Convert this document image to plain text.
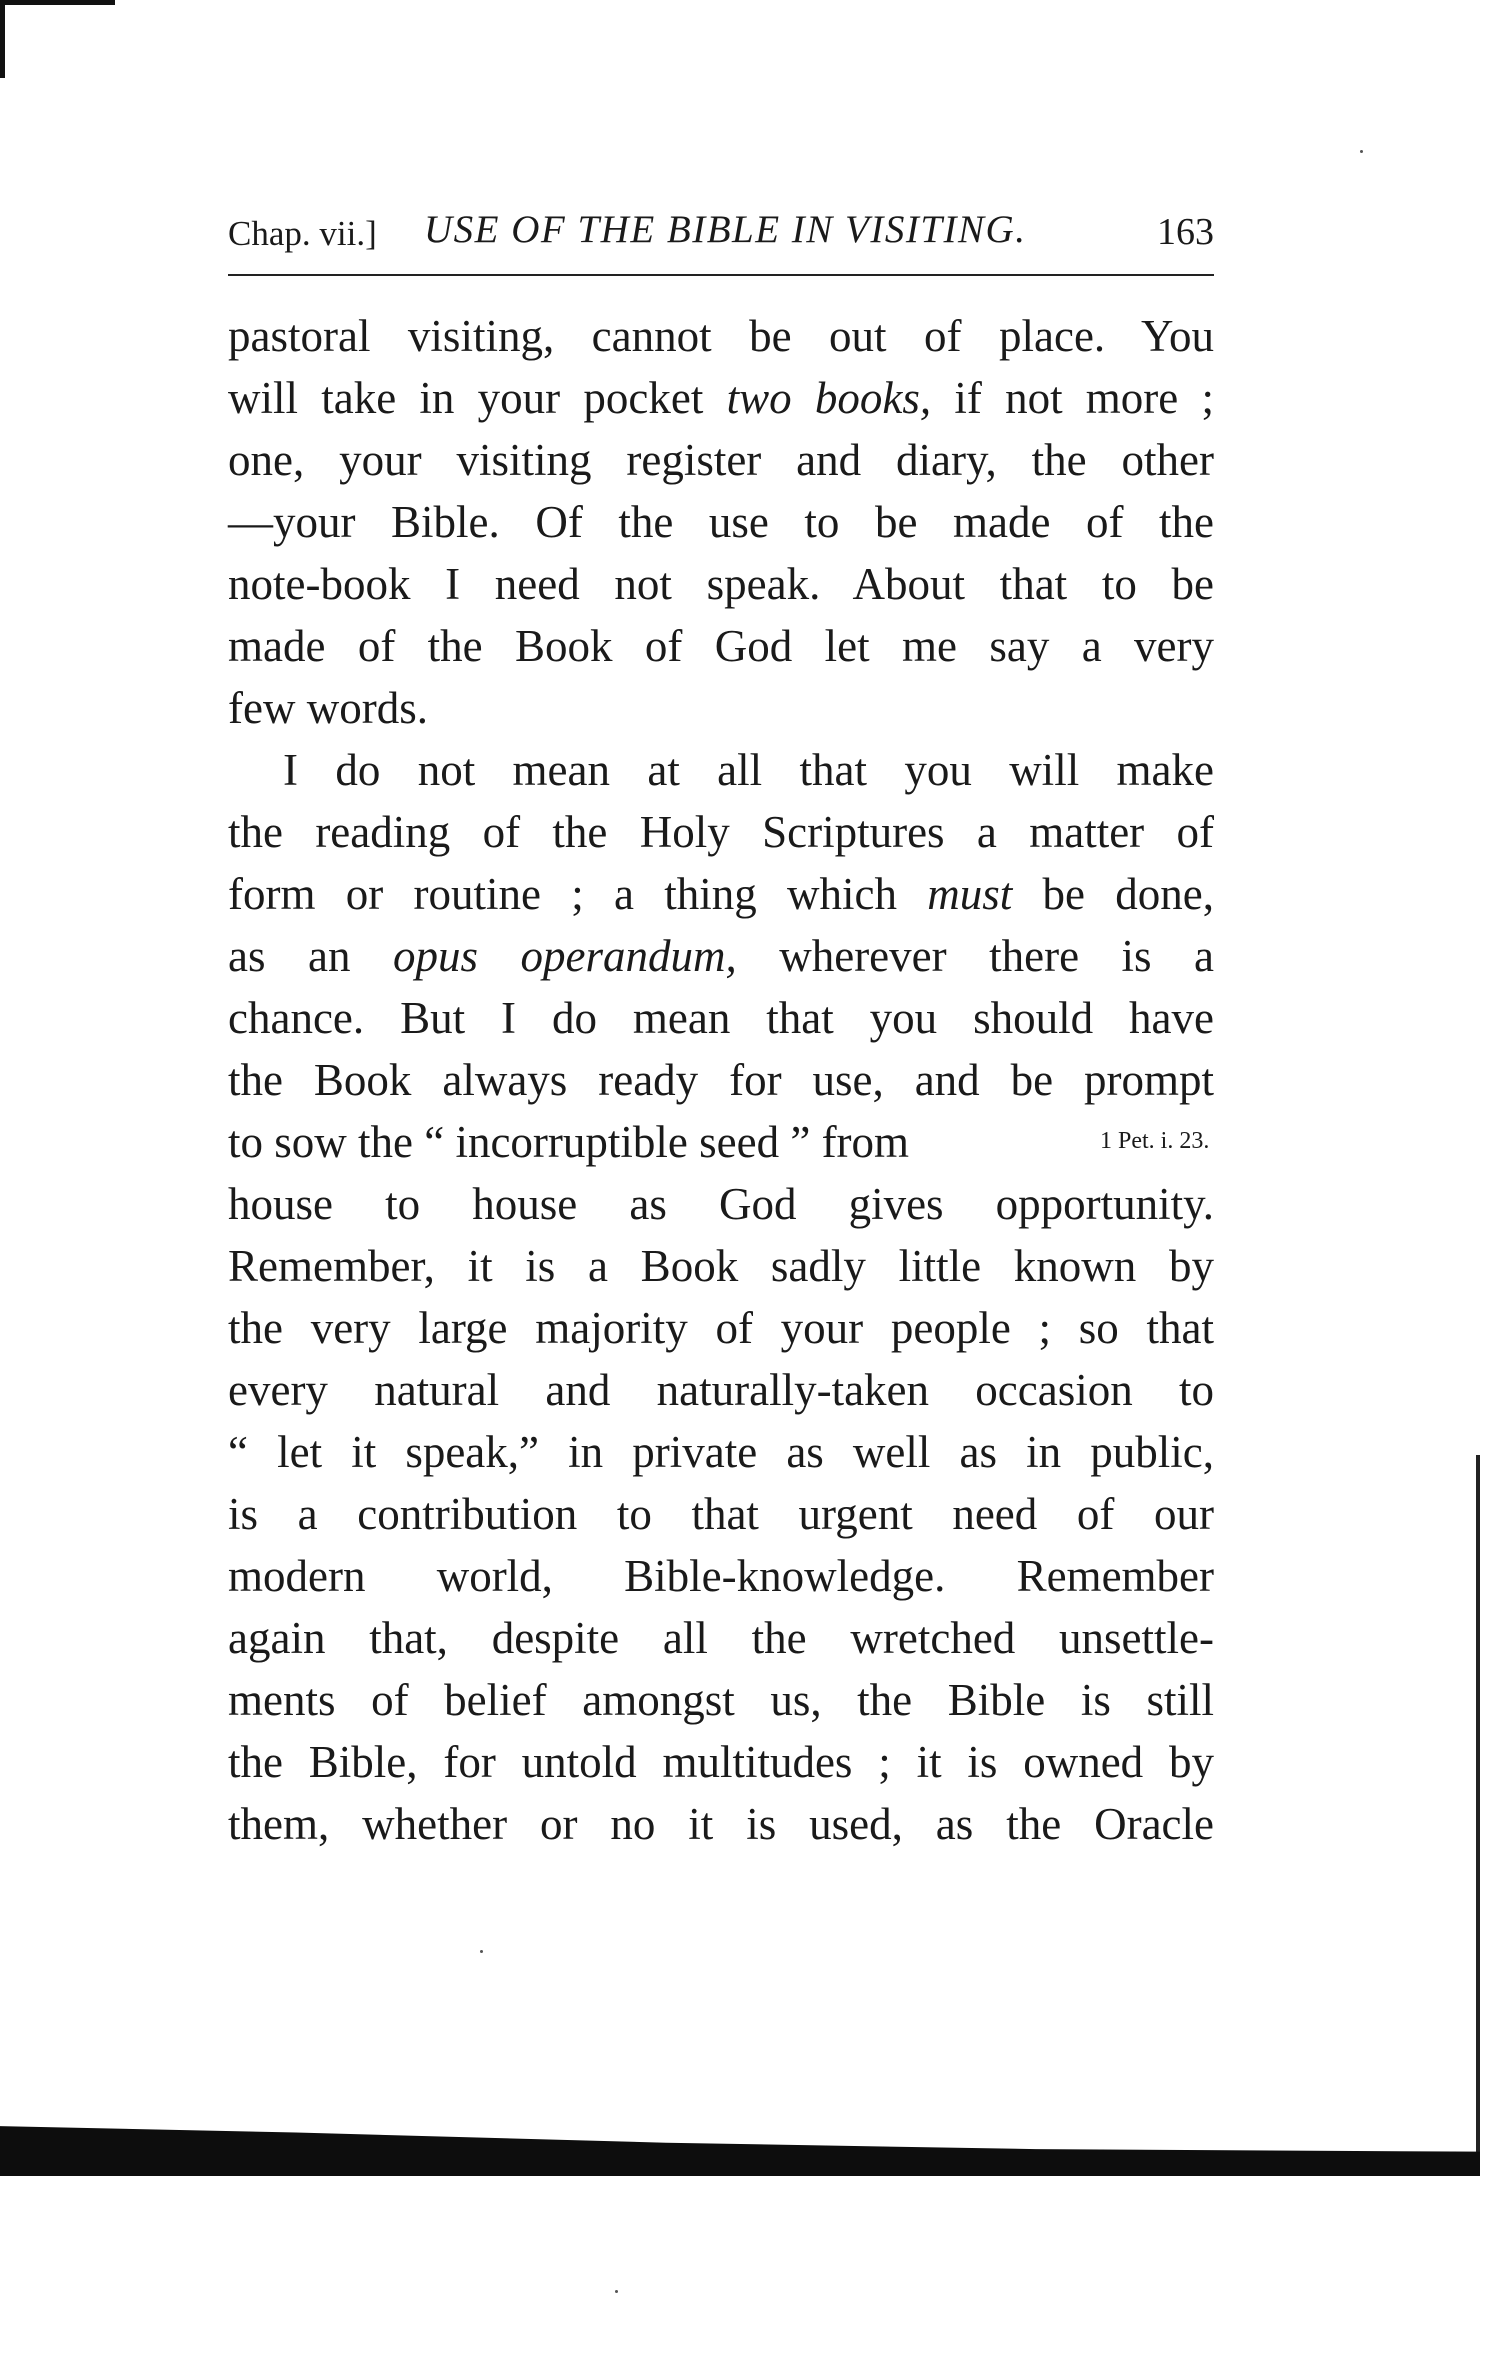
Chap. vii.] USE OF THE BIBLE IN VISITING.	163
pastoral visiting, cannot be out of place. You
will take in your pocket two books, if not more ;
one, your visiting register and diary, the other
—your Bible. Of the use to be made of the
note-book I need not speak. About that to be
made of the Book of God let me say a very
few words.
I do not mean at all that you will make
the reading of the Holy Scriptures a matter of
form or routine ; a thing which must be done,
as an opus operandum, wherever there is a
chance. But I do mean that you should have
the Book always ready for use, and be prompt
to sow the “ incorruptible seed ” from
house to house as God gives opportunity.
Remember, it is a Book sadly little known by
the very large majority of your people ; so that
every natural and naturally-taken occasion to
“ let it speak,” in private as well as in public,
is a contribution to that urgent need of our
modern world, Bible-knowledge. Remember
again that, despite all the wretched unsettle-
ments of belief amongst us, the Bible is still
the Bible, for untold multitudes ; it is owned by
them, whether or no it is used, as the Oracle
1 Pet. i. 23.
